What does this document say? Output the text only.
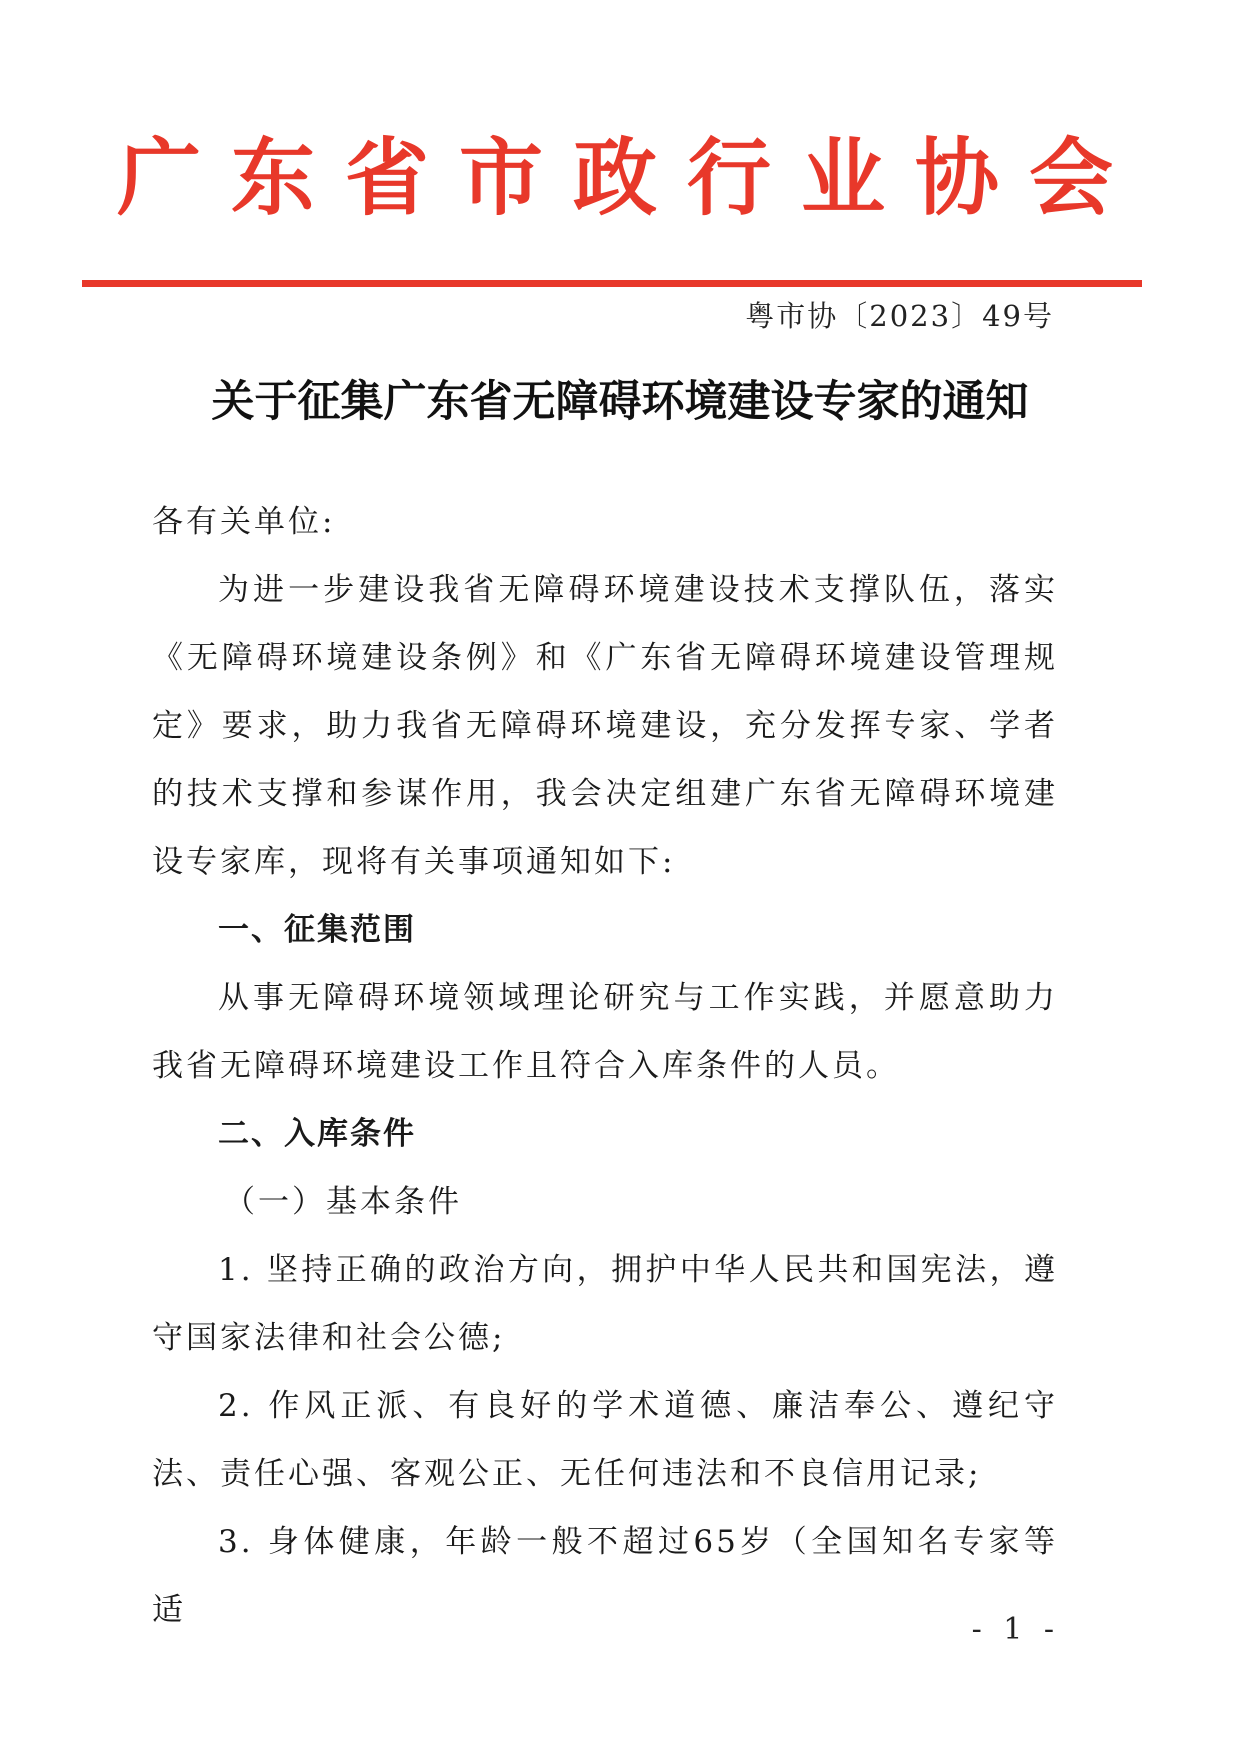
广东省市政行业协会
粤市协〔2023〕49号
关于征集广东省无障碍环境建设专家的通知

各有关单位:

为进一步建设我省无障碍环境建设技术支撑队伍，落实《无障碍环境建设条例》和《广东省无障碍环境建设管理规定》要求，助力我省无障碍环境建设，充分发挥专家、学者的技术支撑和参谋作用，我会决定组建广东省无障碍环境建设专家库，现将有关事项通知如下:

一、征集范围

从事无障碍环境领域理论研究与工作实践，并愿意助力我省无障碍环境建设工作且符合入库条件的人员。

二、入库条件

（一）基本条件

1. 坚持正确的政治方向，拥护中华人民共和国宪法，遵守国家法律和社会公德;

2. 作风正派、有良好的学术道德、廉洁奉公、遵纪守法、责任心强、客观公正、无任何违法和不良信用记录;

3. 身体健康，年龄一般不超过65岁（全国知名专家等适

- 1 -
